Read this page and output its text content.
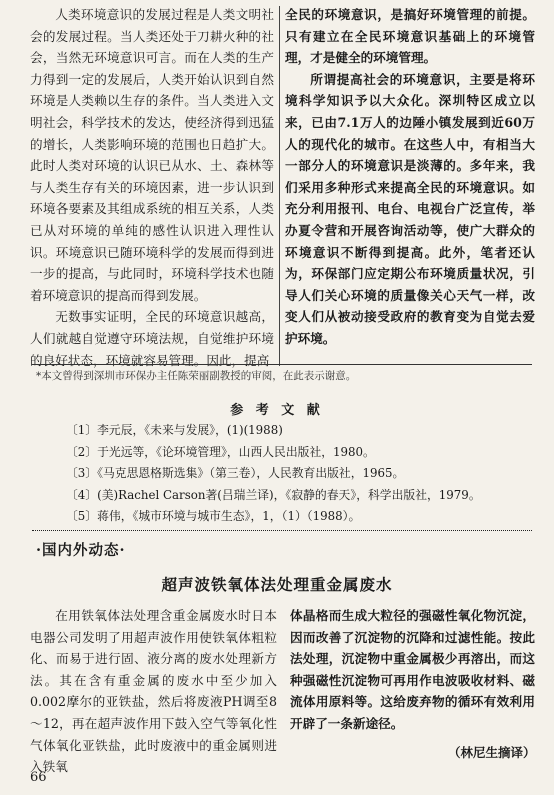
人类环境意识的发展过程是人类文明社会的发展过程。当人类还处于刀耕火种的社会，当然无环境意识可言。而在人类的生产力得到一定的发展后，人类开始认识到自然环境是人类赖以生存的条件。当人类进入文明社会，科学技术的发达，使经济得到迅猛的增长，人类影响环境的范围也日趋扩大。此时人类对环境的认识已从水、土、森林等与人类生存有关的环境因素，进一步认识到环境各要素及其组成系统的相互关系，人类已从对环境的单纯的感性认识进入理性认识。环境意识已随环境科学的发展而得到进一步的提高，与此同时，环境科学技术也随着环境意识的提高而得到发展。

无数事实证明，全民的环境意识越高，人们就越自觉遵守环境法规，自觉维护环境的良好状态，环境就容易管理。因此，提高

全民的环境意识，是搞好环境管理的前提。只有建立在全民环境意识基础上的环境管理，才是健全的环境管理。

所谓提高社会的环境意识，主要是将环境科学知识予以大众化。深圳特区成立以来，已由7.1万人的边陲小镇发展到近60万人的现代化的城市。在这些人中，有相当大一部分人的环境意识是淡薄的。多年来，我们采用多种形式来提高全民的环境意识。如充分利用报刊、电台、电视台广泛宣传，举办夏令营和开展咨询活动等，使广大群众的环境意识不断得到提高。此外，笔者还认为，环保部门应定期公布环境质量状况，引导人们关心环境的质量像关心天气一样，改变人们从被动接受政府的教育变为自觉去爱护环境。

*本文曾得到深圳市环保办主任陈荣丽副教授的审阅，在此表示谢意。
参 考 文 献
〔1〕李元辰，《未来与发展》，(1)(1988)
〔2〕于光远等，《论环境管理》，山西人民出版社，1980。
〔3〕《马克思恩格斯选集》（第三卷），人民教育出版社，1965。
〔4〕(美)Rachel Carson著(吕瑞兰译)，《寂静的春天》，科学出版社，1979。
〔5〕蒋伟，《城市环境与城市生态》，1，（1）（1988）。
·国内外动态·
超声波铁氧体法处理重金属废水

在用铁氧体法处理含重金属废水时日本电器公司发明了用超声波作用使铁氧体粗粒化、而易于进行固、液分离的废水处理新方法。其在含有重金属的废水中至少加入0.002摩尔的亚铁盐，然后将废液PH调至8～12，再在超声波作用下鼓入空气等氧化性气体氧化亚铁盐，此时废液中的重金属则进入铁氧

体晶格而生成大粒径的强磁性氧化物沉淀，因而改善了沉淀物的沉降和过滤性能。按此法处理，沉淀物中重金属极少再溶出，而这种强磁性沉淀物可再用作电波吸收材料、磁流体用原料等。这给废弃物的循环有效利用开辟了一条新途径。

（林尼生摘译）
66
